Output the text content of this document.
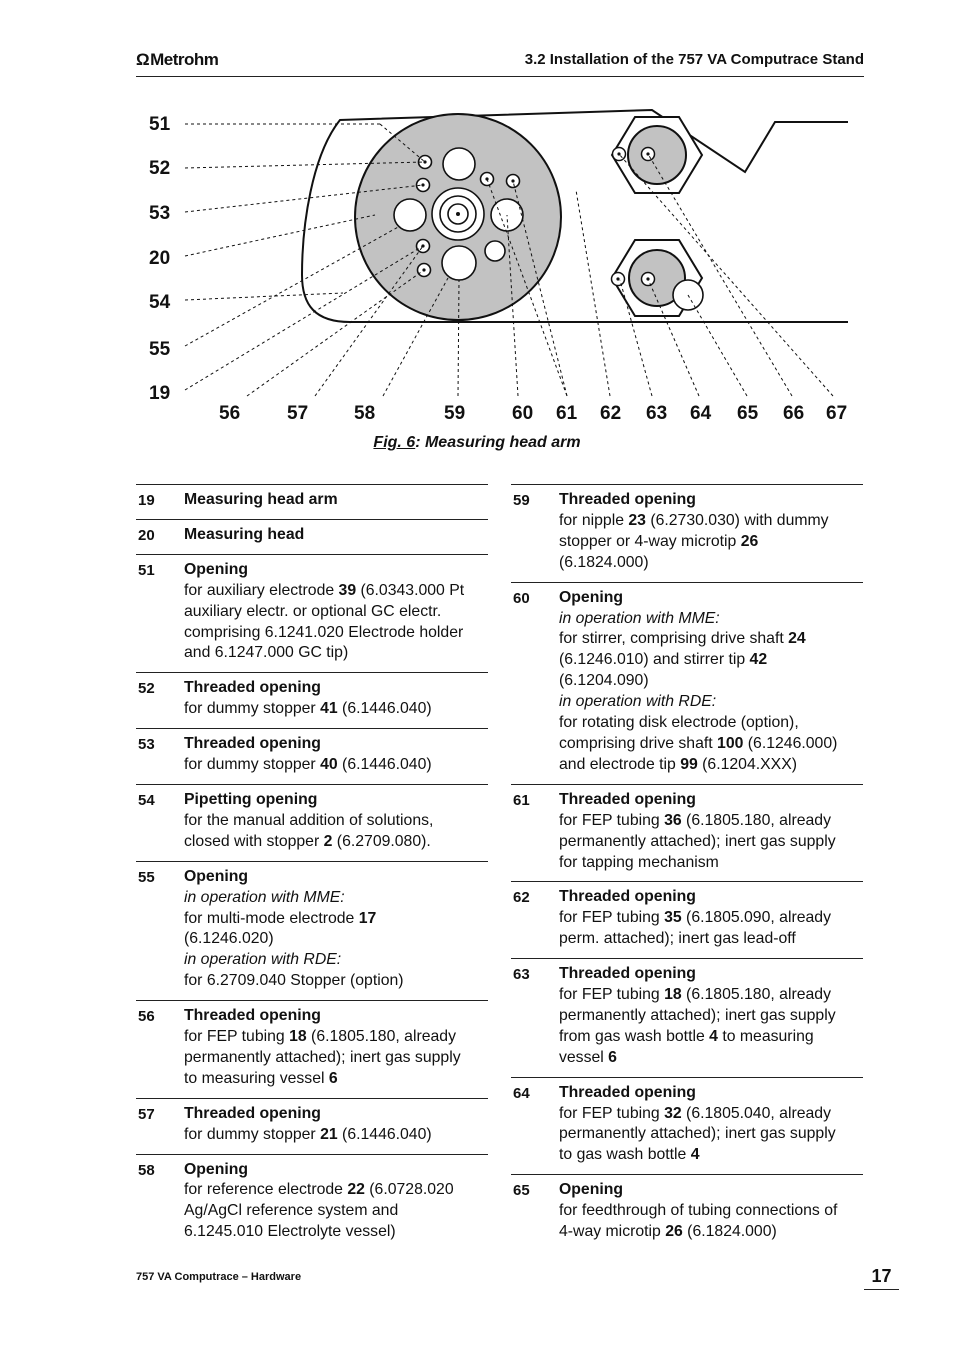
ΩMetrohm	3.2 Installation of the 757 VA Computrace Stand
51
52
53
20
54
55
19
56 57 58	59 60 61 62 63 64 65 66 67
Fig. 6: Measuring head arm
19	Measuring head arm
20	Measuring head
51	Opening
for auxiliary electrode 39 (6.0343.000 Pt
auxiliary electr. or optional GC electr.
comprising 6.1241.020 Electrode holder
and 6.1247.000 GC tip)
52	Threaded opening
for dummy stopper 41 (6.1446.040)
53	Threaded opening
for dummy stopper 40 (6.1446.040)
54	Pipetting opening
for the manual addition of solutions,
closed with stopper 2 (6.2709.080).
55	Opening
in operation with MME:
for multi-mode electrode 17
(6.1246.020)
in operation with RDE:
for 6.2709.040 Stopper (option)
56	Threaded opening
for FEP tubing 18 (6.1805.180, already
permanently attached); inert gas supply
to measuring vessel 6
57	Threaded opening
for dummy stopper 21 (6.1446.040)
58	Opening
for reference electrode 22 (6.0728.020
Ag/AgCl reference system and
6.1245.010 Electrolyte vessel)
59	Threaded opening
for nipple 23 (6.2730.030) with dummy
stopper or 4-way microtip 26
(6.1824.000)
60	Opening
in operation with MME:
for stirrer, comprising drive shaft 24
(6.1246.010) and stirrer tip 42
(6.1204.090)
in operation with RDE:
for rotating disk electrode (option),
comprising drive shaft 100 (6.1246.000)
and electrode tip 99 (6.1204.XXX)
61	Threaded opening
for FEP tubing 36 (6.1805.180, already
permanently attached); inert gas supply
for tapping mechanism
62	Threaded opening
for FEP tubing 35 (6.1805.090, already
perm. attached); inert gas lead-off
63	Threaded opening
for FEP tubing 18 (6.1805.180, already
permanently attached); inert gas supply
from gas wash bottle 4 to measuring
vessel 6
64	Threaded opening
for FEP tubing 32 (6.1805.040, already
permanently attached); inert gas supply
to gas wash bottle 4
65	Opening
for feedthrough of tubing connections of
4-way microtip 26 (6.1824.000)
757 VA Computrace – Hardware	17
